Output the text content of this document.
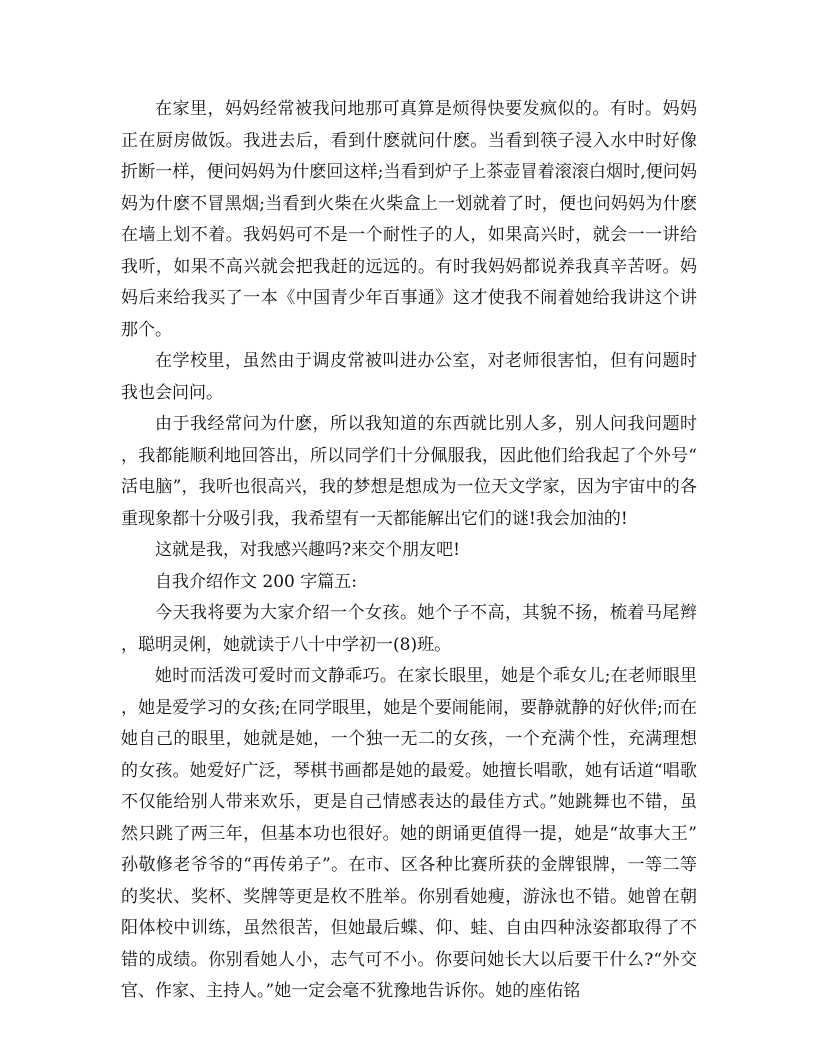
在家里，妈妈经常被我问地那可真算是烦得快要发疯似的。有时。妈妈正在厨房做饭。我进去后，看到什麽就问什麽。当看到筷子浸入水中时好像折断一样，便问妈妈为什麽回这样;当看到炉子上茶壶冒着滚滚白烟时,便问妈妈为什麽不冒黑烟;当看到火柴在火柴盒上一划就着了时，便也问妈妈为什麽在墙上划不着。我妈妈可不是一个耐性子的人，如果高兴时，就会一一讲给我听，如果不高兴就会把我赶的远远的。有时我妈妈都说养我真辛苦呀。妈妈后来给我买了一本《中国青少年百事通》这才使我不闹着她给我讲这个讲那个。

在学校里，虽然由于调皮常被叫进办公室，对老师很害怕，但有问题时我也会问问。

由于我经常问为什麽，所以我知道的东西就比别人多，别人问我问题时，我都能顺利地回答出，所以同学们十分佩服我，因此他们给我起了个外号“活电脑”，我听也很高兴，我的梦想是想成为一位天文学家，因为宇宙中的各重现象都十分吸引我，我希望有一天都能解出它们的谜!我会加油的!

这就是我，对我感兴趣吗?来交个朋友吧!

自我介绍作文 200 字篇五:

今天我将要为大家介绍一个女孩。她个子不高，其貌不扬，梳着马尾辫，聪明灵俐，她就读于八十中学初一(8)班。

她时而活泼可爱时而文静乖巧。在家长眼里，她是个乖女儿;在老师眼里，她是爱学习的女孩;在同学眼里，她是个要闹能闹，要静就静的好伙伴;而在她自己的眼里，她就是她，一个独一无二的女孩，一个充满个性，充满理想的女孩。她爱好广泛，琴棋书画都是她的最爱。她擅长唱歌，她有话道“唱歌不仅能给别人带来欢乐，更是自己情感表达的最佳方式。”她跳舞也不错，虽然只跳了两三年，但基本功也很好。她的朗诵更值得一提，她是“故事大王”孙敬修老爷爷的“再传弟子”。在市、区各种比赛所获的金牌银牌，一等二等的奖状、奖杯、奖牌等更是枚不胜举。你别看她瘦，游泳也不错。她曾在朝阳体校中训练，虽然很苦，但她最后蝶、仰、蛙、自由四种泳姿都取得了不错的成绩。你别看她人小，志气可不小。你要问她长大以后要干什么?“外交官、作家、主持人。”她一定会毫不犹豫地告诉你。她的座佑铭
